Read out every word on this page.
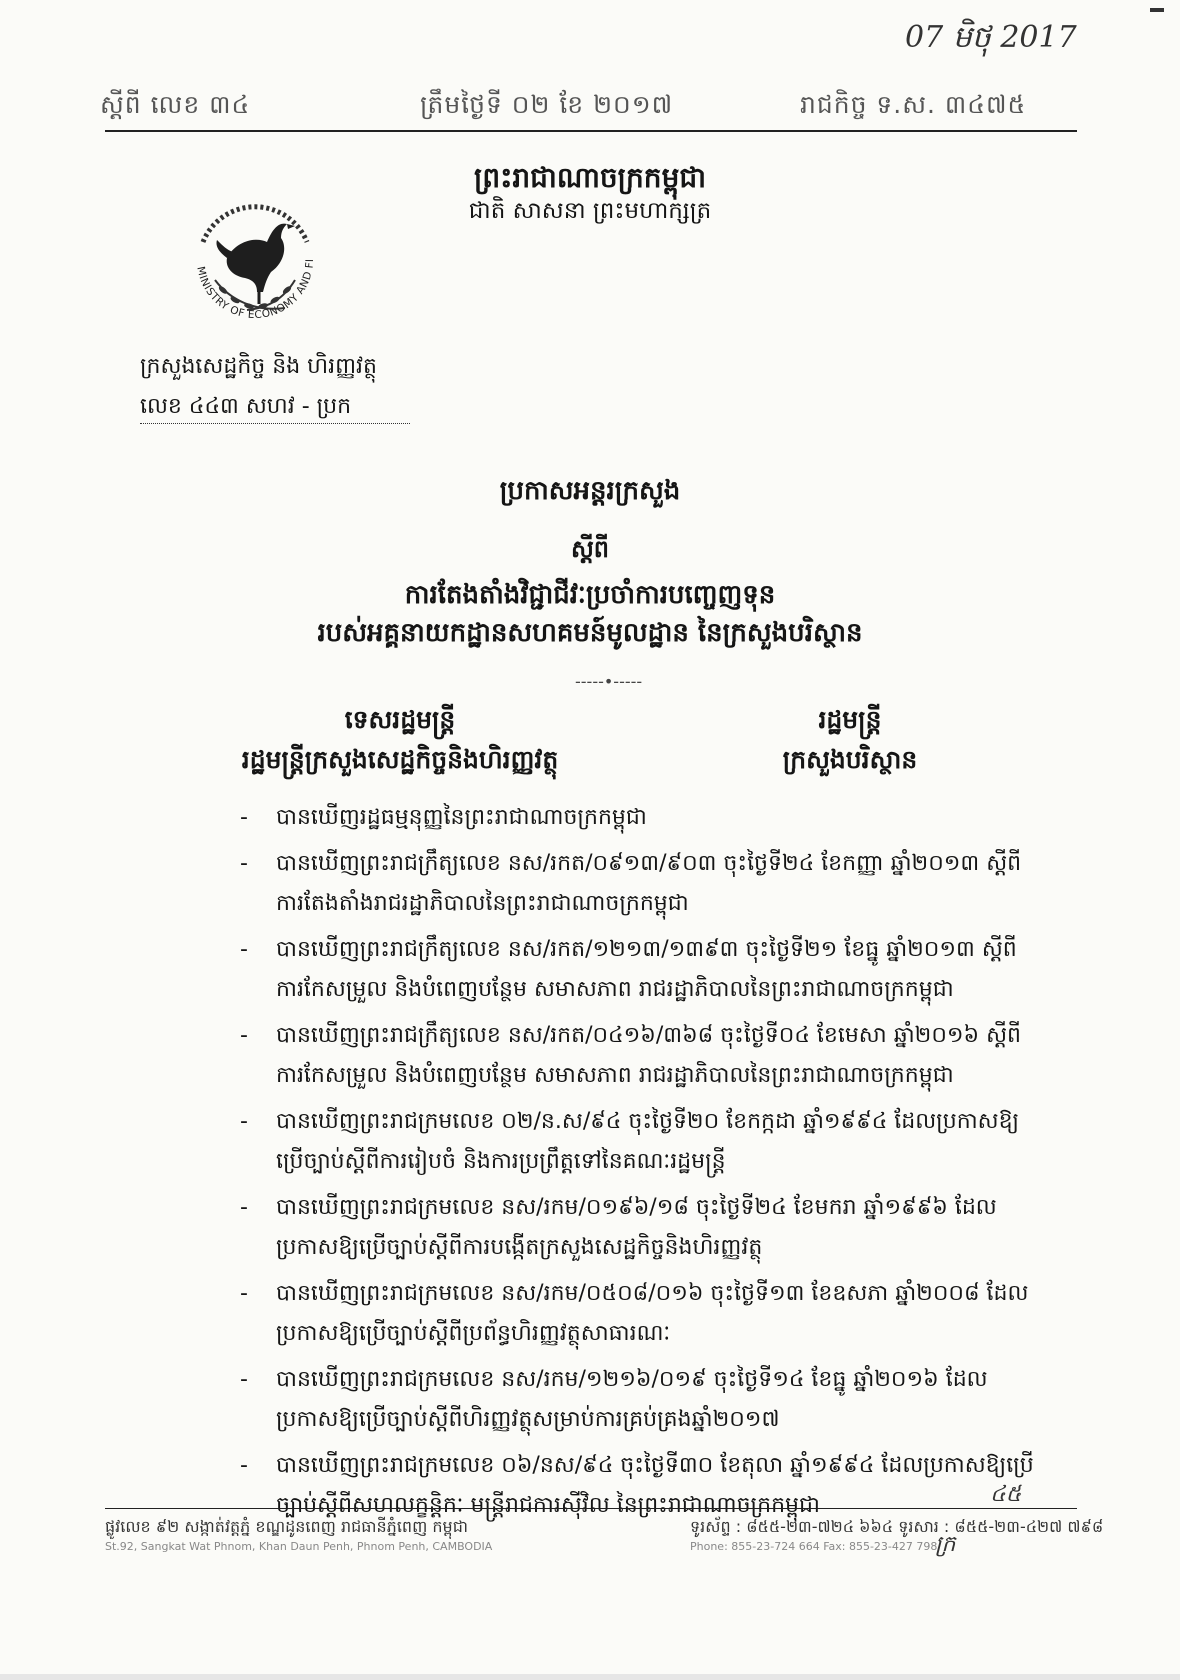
07 មិថុ 2017
ស្តីពី លេខ ៣៤	ត្រឹមថ្ងៃទី ០២ ខែ ២០១៧	រាជកិច្ច ទ.ស. ៣៤៧៥
ព្រះរាជាណាចក្រកម្ពុជា
ជាតិ សាសនា ព្រះមហាក្សត្រ
MINISTRY OF ECONOMY AND FI
ក្រសួងសេដ្ឋកិច្ច និង ហិរញ្ញវត្ថុ
លេខ ៤៤៣ សហវ - ប្រក
ប្រកាសអន្តរក្រសួង
ស្តីពី
ការតែងតាំងវិជ្ជាជីវៈប្រចាំការបញ្ចេញទុន
របស់អគ្គនាយកដ្ឋានសហគមន៍មូលដ្ឋាន នៃក្រសួងបរិស្ថាន
-----•-----
ទេសរដ្ឋមន្ត្រី
រដ្ឋមន្ត្រីក្រសួងសេដ្ឋកិច្ចនិងហិរញ្ញវត្ថុ
រដ្ឋមន្ត្រី
ក្រសួងបរិស្ថាន
- បានឃើញរដ្ឋធម្មនុញ្ញនៃព្រះរាជាណាចក្រកម្ពុជា
- បានឃើញព្រះរាជក្រឹត្យលេខ នស/រកត/០៩១៣/៩០៣ ចុះថ្ងៃទី២៤ ខែកញ្ញា ឆ្នាំ២០១៣ ស្តីពីការតែងតាំងរាជរដ្ឋាភិបាលនៃព្រះរាជាណាចក្រកម្ពុជា
- បានឃើញព្រះរាជក្រឹត្យលេខ នស/រកត/១២១៣/១៣៩៣ ចុះថ្ងៃទី២១ ខែធ្នូ ឆ្នាំ២០១៣ ស្តីពីការកែសម្រួល និងបំពេញបន្ថែម សមាសភាព រាជរដ្ឋាភិបាលនៃព្រះរាជាណាចក្រកម្ពុជា
- បានឃើញព្រះរាជក្រឹត្យលេខ នស/រកត/០៤១៦/៣៦៨ ចុះថ្ងៃទី០៤ ខែមេសា ឆ្នាំ២០១៦ ស្តីពីការកែសម្រួល និងបំពេញបន្ថែម សមាសភាព រាជរដ្ឋាភិបាលនៃព្រះរាជាណាចក្រកម្ពុជា
- បានឃើញព្រះរាជក្រមលេខ ០២/ន.ស/៩៤ ចុះថ្ងៃទី២០ ខែកក្កដា ឆ្នាំ១៩៩៤ ដែលប្រកាសឱ្យប្រើច្បាប់ស្តីពីការរៀបចំ និងការប្រព្រឹត្តទៅនៃគណៈរដ្ឋមន្ត្រី
- បានឃើញព្រះរាជក្រមលេខ នស/រកម/០១៩៦/១៨ ចុះថ្ងៃទី២៤ ខែមករា ឆ្នាំ១៩៩៦ ដែលប្រកាសឱ្យប្រើច្បាប់ស្តីពីការបង្កើតក្រសួងសេដ្ឋកិច្ចនិងហិរញ្ញវត្ថុ
- បានឃើញព្រះរាជក្រមលេខ នស/រកម/០៥០៨/០១៦ ចុះថ្ងៃទី១៣ ខែឧសភា ឆ្នាំ២០០៨ ដែលប្រកាសឱ្យប្រើច្បាប់ស្តីពីប្រព័ន្ធហិរញ្ញវត្ថុសាធារណៈ
- បានឃើញព្រះរាជក្រមលេខ នស/រកម/១២១៦/០១៩ ចុះថ្ងៃទី១៤ ខែធ្នូ ឆ្នាំ២០១៦ ដែលប្រកាសឱ្យប្រើច្បាប់ស្តីពីហិរញ្ញវត្ថុសម្រាប់ការគ្រប់គ្រងឆ្នាំ២០១៧
- បានឃើញព្រះរាជក្រមលេខ ០៦/នស/៩៤ ចុះថ្ងៃទី៣០ ខែតុលា ឆ្នាំ១៩៩៤ ដែលប្រកាសឱ្យប្រើច្បាប់ស្តីពីសហលក្ខន្តិកៈ មន្ត្រីរាជការស៊ីវិល នៃព្រះរាជាណាចក្រកម្ពុជា	៤៥
ផ្លូវលេខ ៩២ សង្កាត់វត្តភ្នំ ខណ្ឌដូនពេញ រាជធានីភ្នំពេញ កម្ពុជា
St.92, Sangkat Wat Phnom, Khan Daun Penh, Phnom Penh, CAMBODIA
ទូរស័ព្ទ : ៨៥៥-២៣-៧២៤ ៦៦៤ ទូរសារ : ៨៥៥-២៣-៤២៧ ៧៩៨
Phone: 855-23-724 664 Fax: 855-23-427 798
ក្រ
